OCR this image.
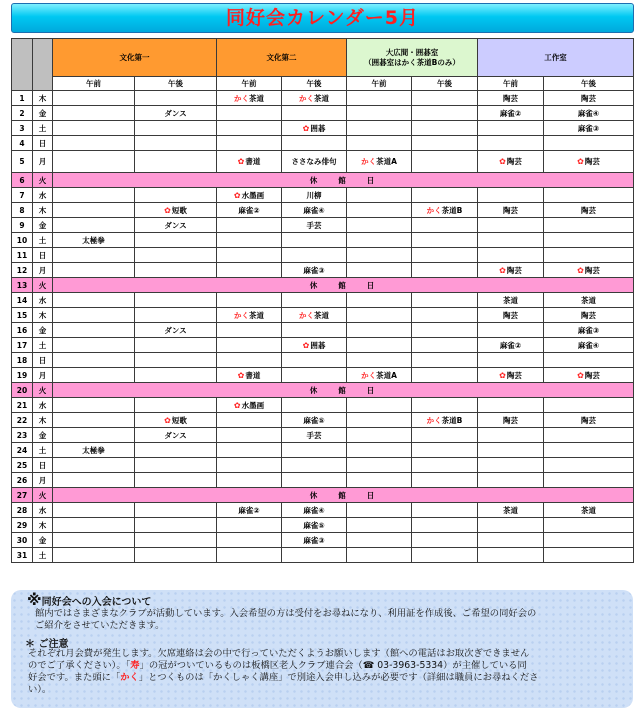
同好会カレンダー5月
		文化第一		文化第二		大広間・囲碁室
（囲碁室はかく茶道Bのみ）		工作室	
		午前	午後	午前	午後	午前	午後	午前	午後
1	木			かく茶道	かく茶道			陶芸	陶芸
2	金		ダンス					麻雀②	麻雀④
3	土				✿ 囲碁				麻雀③
4	日								
5	月			✿ 書道	ささなみ俳句	かく茶道A		✿ 陶芸	✿ 陶芸
6	火	休　　館　　日							
7	水			✿ 水墨画	川柳				
8	木		✿ 短歌	麻雀②	麻雀④		かく茶道B	陶芸	陶芸
9	金		ダンス		手芸				
10	土	太極拳							
11	日								
12	月				麻雀③			✿ 陶芸	✿ 陶芸
13	火	休　　館　　日							
14	水							茶道	茶道
15	木			かく茶道	かく茶道			陶芸	陶芸
16	金		ダンス						麻雀③
17	土				✿ 囲碁			麻雀②	麻雀④
18	日								
19	月			✿ 書道		かく茶道A		✿ 陶芸	✿ 陶芸
20	火	休　　館　　日							
21	水			✿ 水墨画					
22	木		✿ 短歌		麻雀⑤		かく茶道B	陶芸	陶芸
23	金		ダンス		手芸				
24	土	太極拳							
25	日								
26	月								
27	火	休　　館　　日							
28	水			麻雀②	麻雀④			茶道	茶道
29	木				麻雀⑤				
30	金				麻雀③				
31	土								
※同好会への入会について
館内ではさまざまなクラブが活動しています。入会希望の方は受付をお尋ねになり、利用証を作成後、ご希望の同好会の
ご紹介をさせていただきます。
＊ ご注意
それぞれ月会費が発生します。欠席連絡は会の中で行っていただくようお願いします（館への電話はお取次ぎできません
のでご了承ください）。「寿」の冠がついているものは板橋区老人クラブ連合会（☎ 03-3963-5334）が主催している同
好会です。また頭に「かく」とつくものは「かくしゃく講座」で別途入会申し込みが必要です（詳細は職員にお尋ねくださ
い）。
